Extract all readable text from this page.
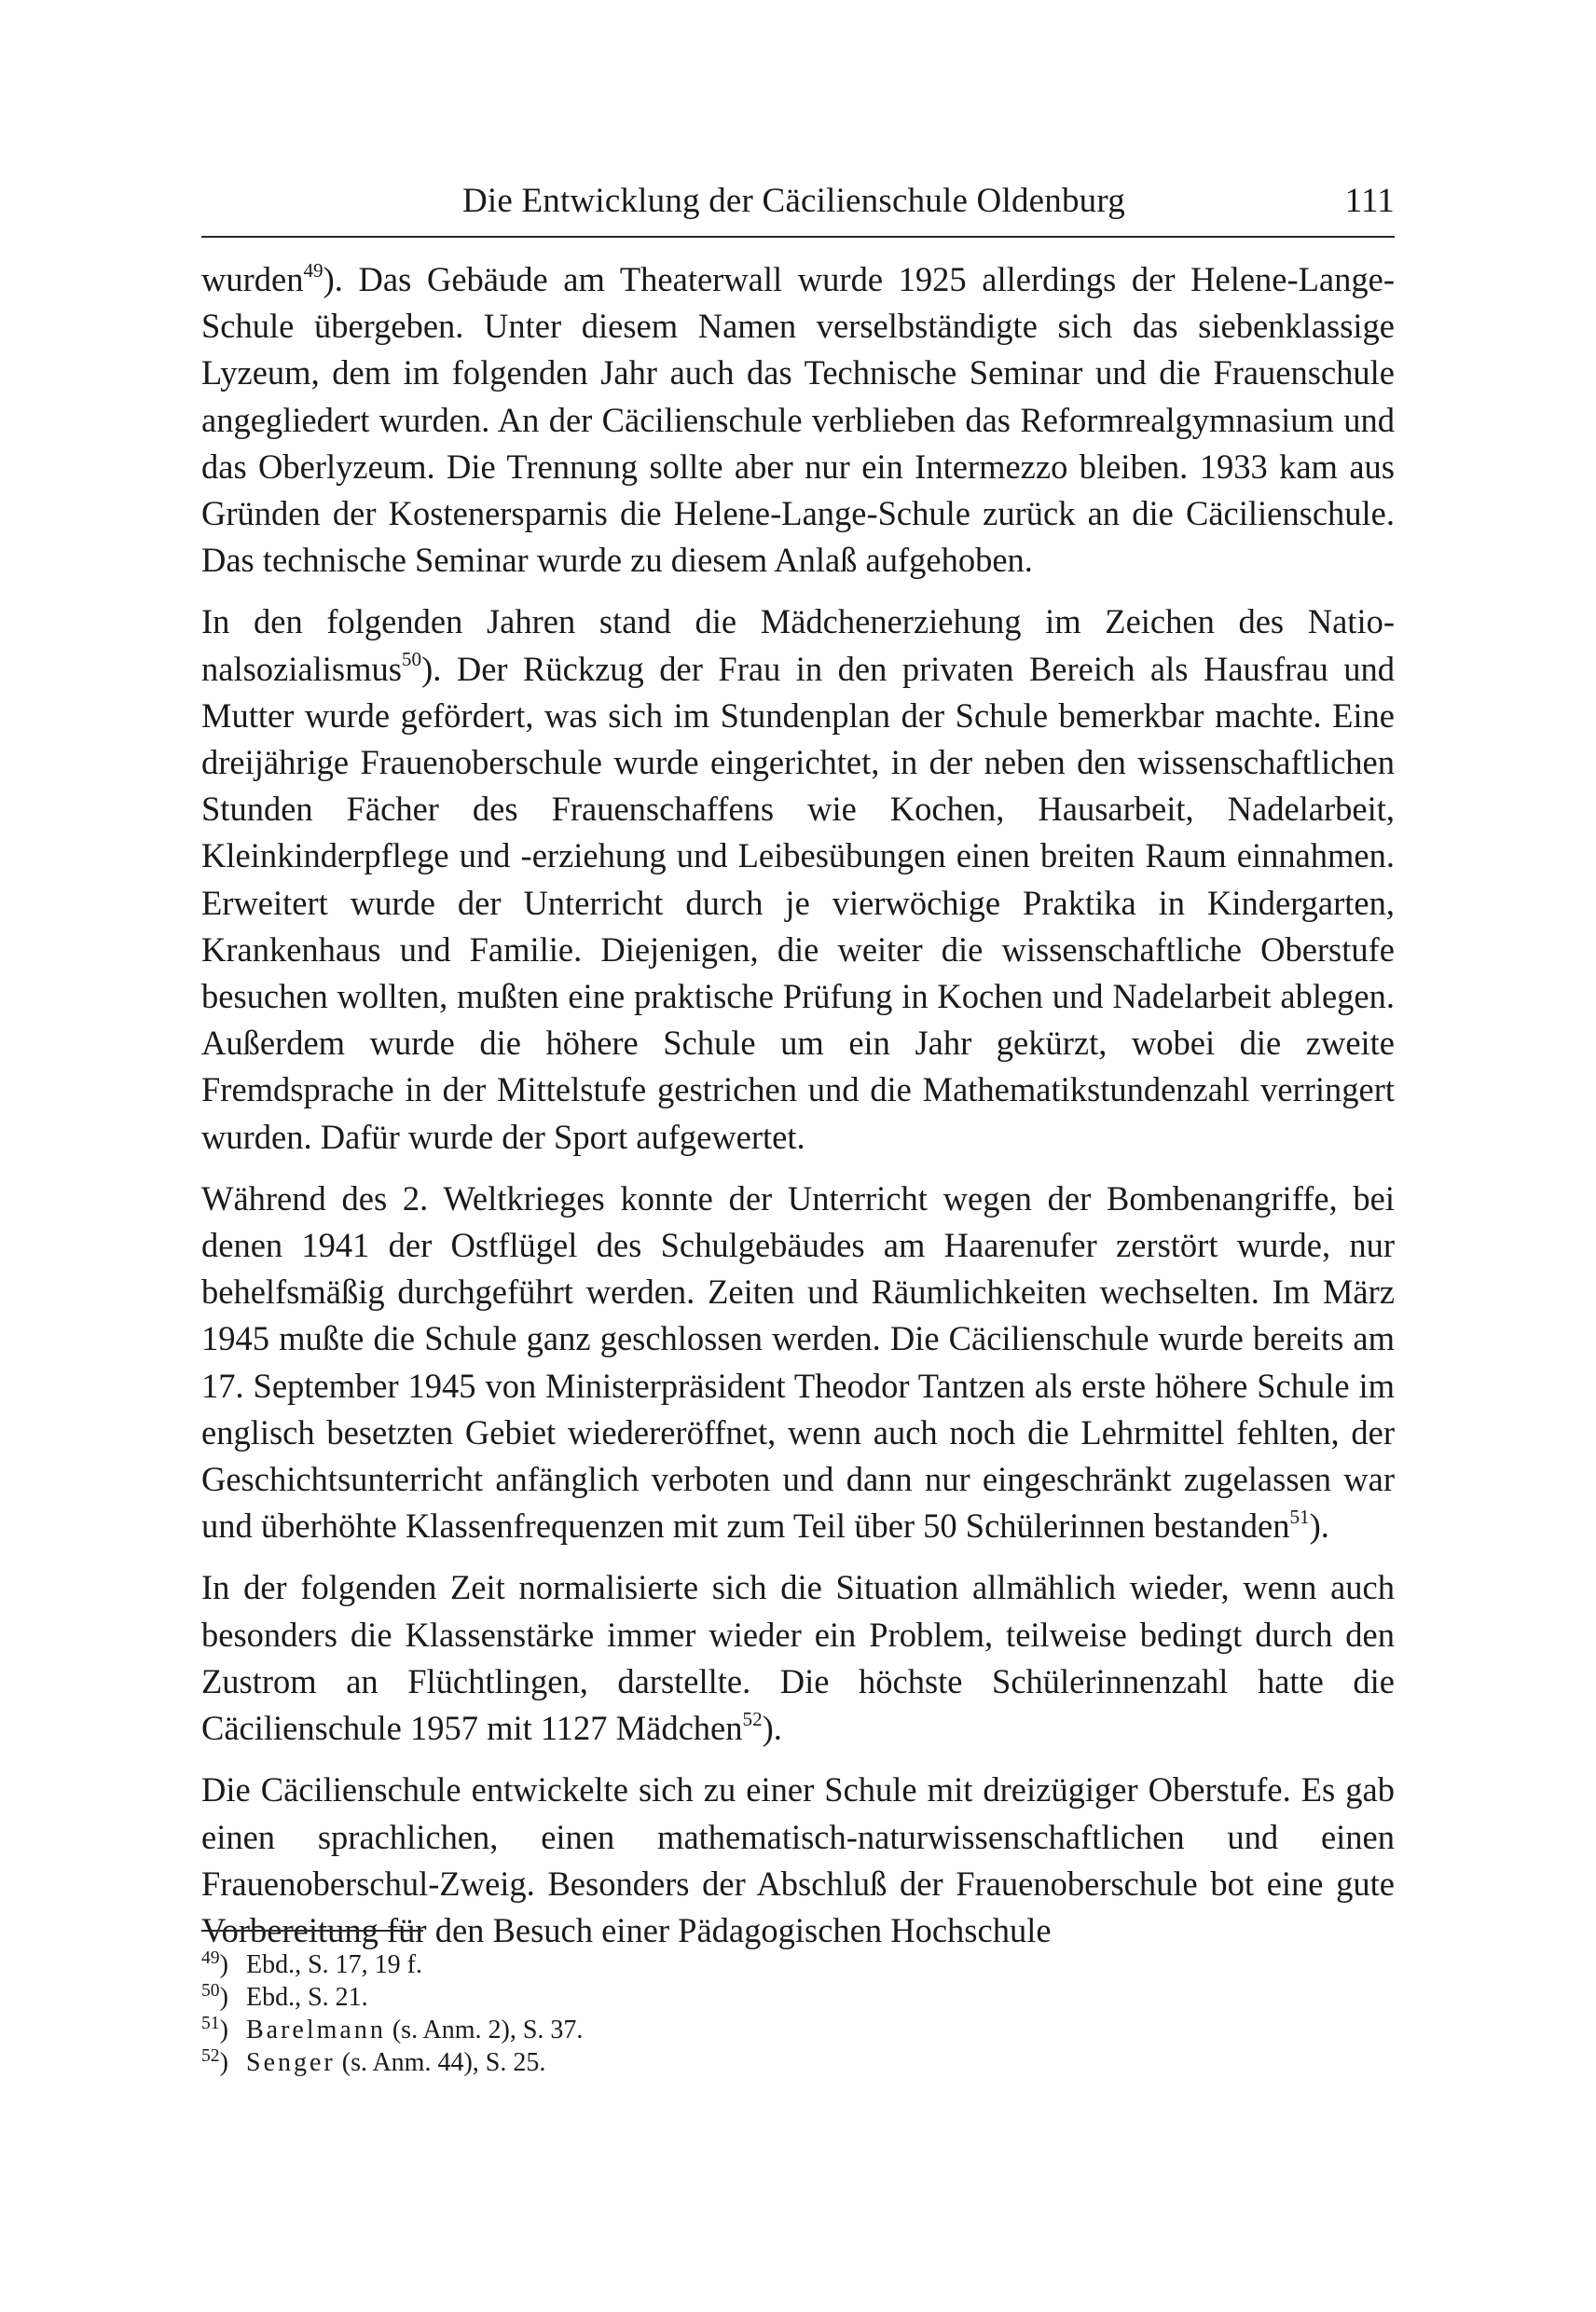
Die Entwicklung der Cäcilienschule Oldenburg	111

wurden$^{49}$). Das Gebäude am Theaterwall wurde 1925 allerdings der Helene-Lange-Schule übergeben. Unter diesem Namen verselbständigte sich das siebenklassige Lyzeum, dem im folgenden Jahr auch das Technische Seminar und die Frauenschule angegliedert wurden. An der Cäcilienschule verblieben das Reformrealgymnasium und das Oberlyzeum. Die Trennung sollte aber nur ein Intermezzo bleiben. 1933 kam aus Gründen der Kostenersparnis die Helene-Lange-Schule zurück an die Cäcilienschule. Das technische Seminar wurde zu diesem Anlaß aufgehoben.

In den folgenden Jahren stand die Mädchenerziehung im Zeichen des Nationalsozialismus$^{50}$). Der Rückzug der Frau in den privaten Bereich als Hausfrau und Mutter wurde gefördert, was sich im Stundenplan der Schule bemerkbar machte. Eine dreijährige Frauenoberschule wurde eingerichtet, in der neben den wissenschaftlichen Stunden Fächer des Frauenschaffens wie Kochen, Hausarbeit, Nadelarbeit, Kleinkinderpflege und -erziehung und Leibesübungen einen breiten Raum einnahmen. Erweitert wurde der Unterricht durch je vierwöchige Praktika in Kindergarten, Krankenhaus und Familie. Diejenigen, die weiter die wissenschaftliche Oberstufe besuchen wollten, mußten eine praktische Prüfung in Kochen und Nadelarbeit ablegen. Außerdem wurde die höhere Schule um ein Jahr gekürzt, wobei die zweite Fremdsprache in der Mittelstufe gestrichen und die Mathematikstundenzahl verringert wurden. Dafür wurde der Sport aufgewertet.

Während des 2. Weltkrieges konnte der Unterricht wegen der Bombenangriffe, bei denen 1941 der Ostflügel des Schulgebäudes am Haarenufer zerstört wurde, nur behelfsmäßig durchgeführt werden. Zeiten und Räumlichkeiten wechselten. Im März 1945 mußte die Schule ganz geschlossen werden. Die Cäcilienschule wurde bereits am 17. September 1945 von Ministerpräsident Theodor Tantzen als erste höhere Schule im englisch besetzten Gebiet wiedereröffnet, wenn auch noch die Lehrmittel fehlten, der Geschichtsunterricht anfänglich verboten und dann nur eingeschränkt zugelassen war und überhöhte Klassenfrequenzen mit zum Teil über 50 Schülerinnen bestanden$^{51}$).

In der folgenden Zeit normalisierte sich die Situation allmählich wieder, wenn auch besonders die Klassenstärke immer wieder ein Problem, teilweise bedingt durch den Zustrom an Flüchtlingen, darstellte. Die höchste Schülerinnenzahl hatte die Cäcilienschule 1957 mit 1127 Mädchen$^{52}$).

Die Cäcilienschule entwickelte sich zu einer Schule mit dreizügiger Oberstufe. Es gab einen sprachlichen, einen mathematisch-naturwissenschaftlichen und einen Frauenoberschul-Zweig. Besonders der Abschluß der Frauenoberschule bot eine gute Vorbereitung für den Besuch einer Pädagogischen Hochschule

$^{49}$) Ebd., S. 17, 19 f.
$^{50}$) Ebd., S. 21.
$^{51}$) Barelmann (s. Anm. 2), S. 37.
$^{52}$) Senger (s. Anm. 44), S. 25.
